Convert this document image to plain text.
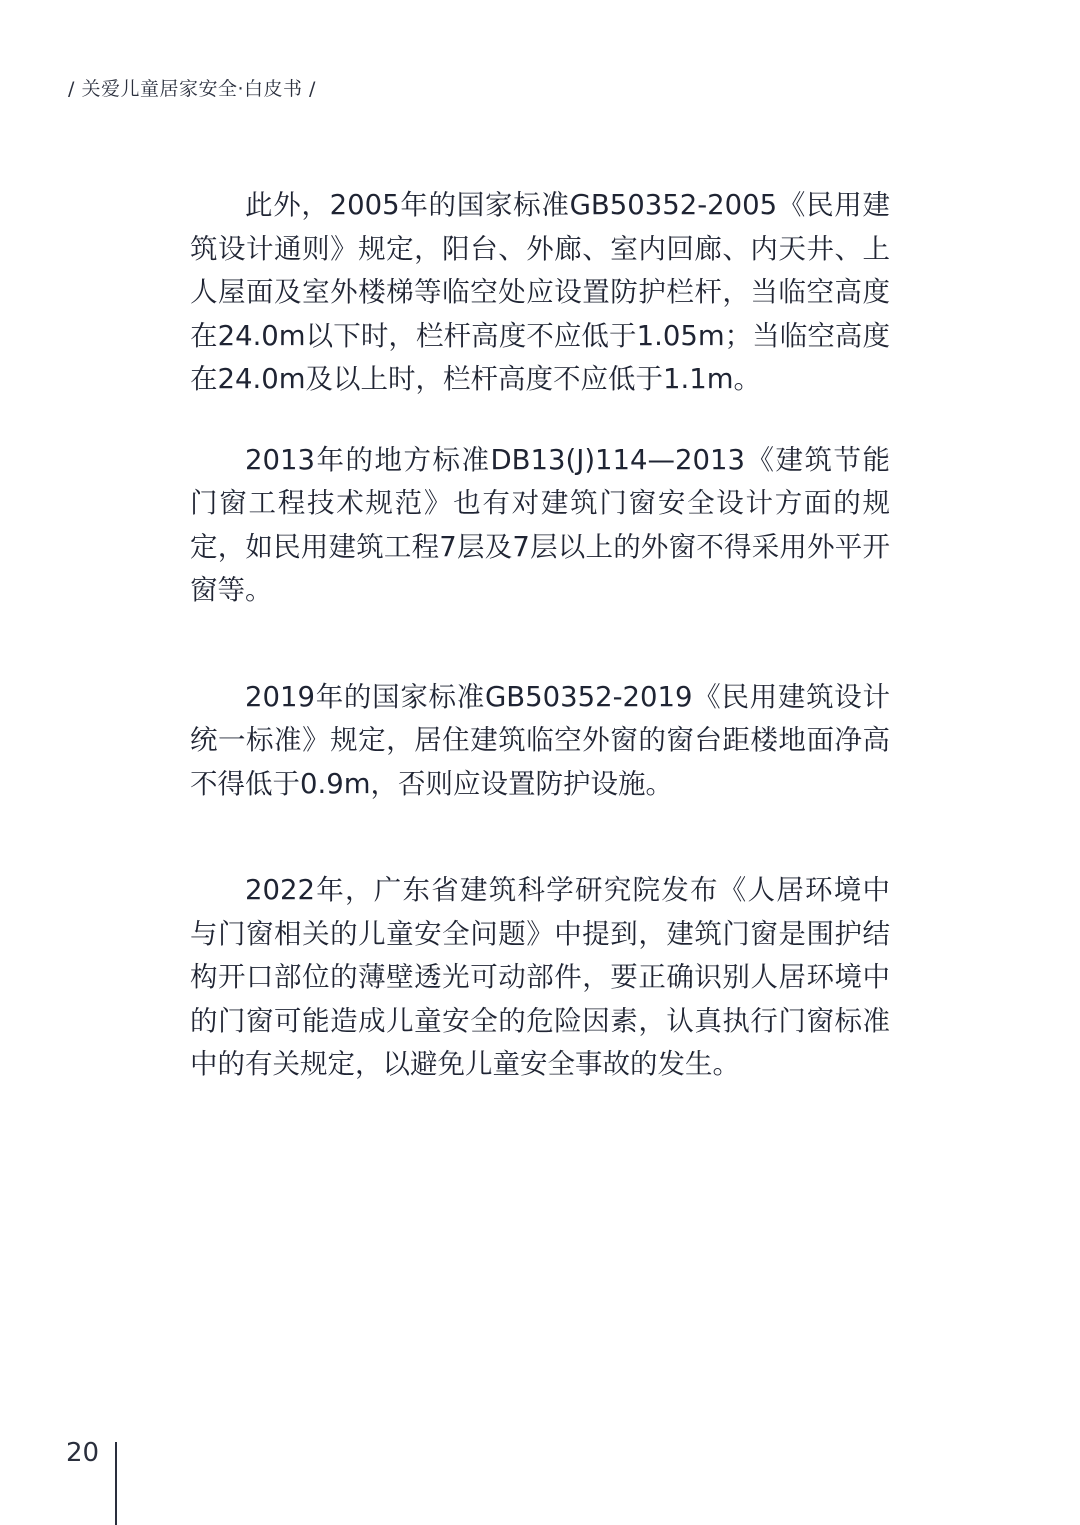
/ 关爱儿童居家安全·白皮书 /

此外，2005年的国家标准GB50352-2005《民用建筑设计通则》规定，阳台、外廊、室内回廊、内天井、上人屋面及室外楼梯等临空处应设置防护栏杆，当临空高度在24.0m以下时，栏杆高度不应低于1.05m；当临空高度在24.0m及以上时，栏杆高度不应低于1.1m。

2013年的地方标准DB13(J)114—2013《建筑节能门窗工程技术规范》也有对建筑门窗安全设计方面的规定，如民用建筑工程7层及7层以上的外窗不得采用外平开窗等。

2019年的国家标准GB50352-2019《民用建筑设计统一标准》规定，居住建筑临空外窗的窗台距楼地面净高不得低于0.9m，否则应设置防护设施。

2022年，广东省建筑科学研究院发布《人居环境中与门窗相关的儿童安全问题》中提到，建筑门窗是围护结构开口部位的薄壁透光可动部件，要正确识别人居环境中的门窗可能造成儿童安全的危险因素，认真执行门窗标准中的有关规定，以避免儿童安全事故的发生。

20
